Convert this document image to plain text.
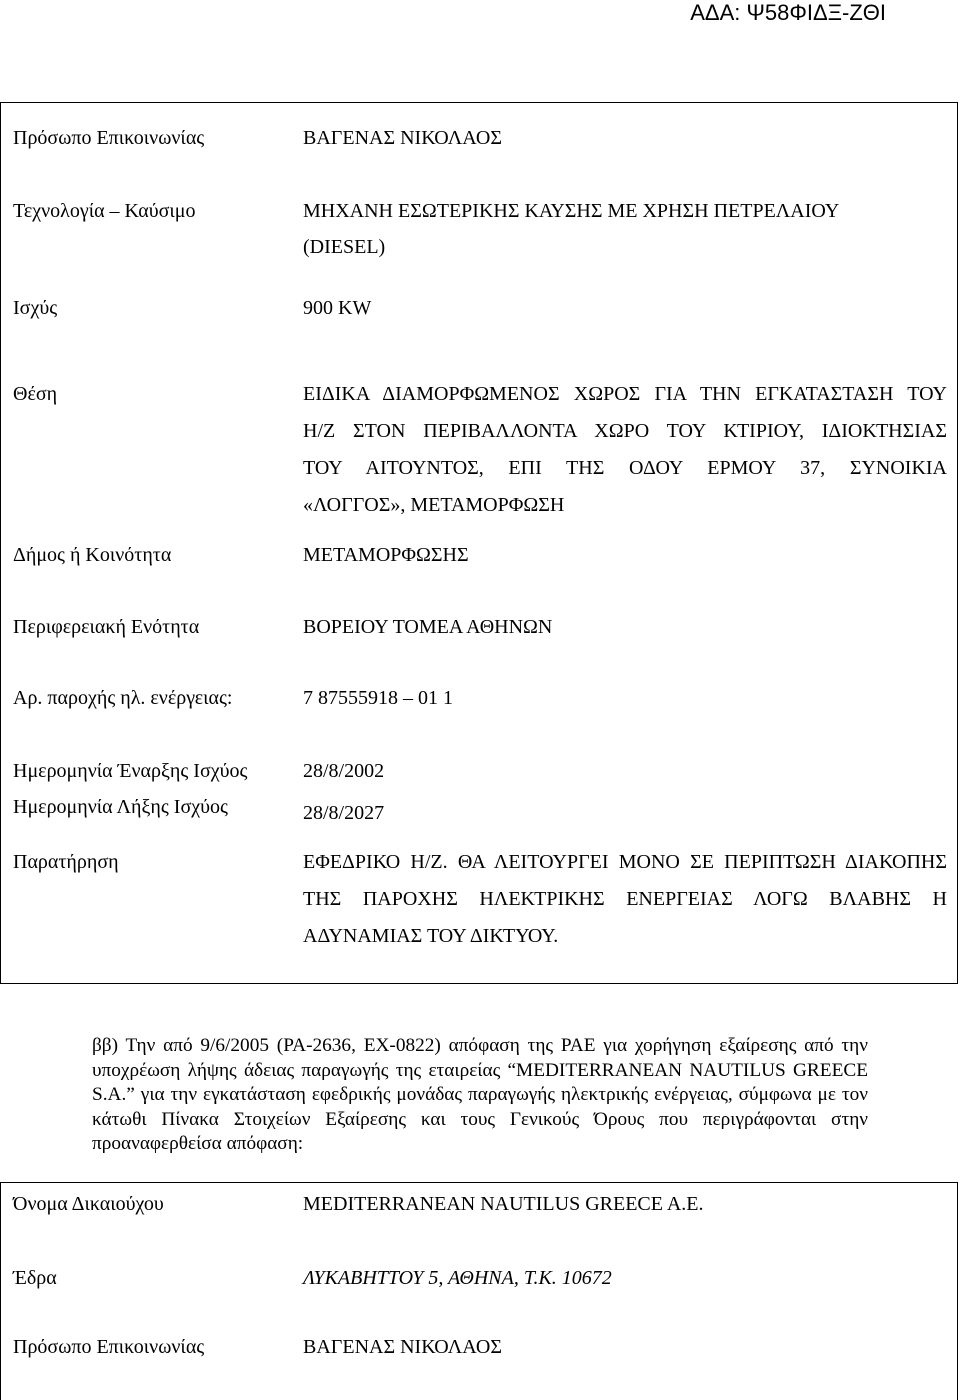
ΑΔΑ: Ψ58ΦΙΔΞ-ΖΘΙ
Πρόσωπο Επικοινωνίας	ΒΑΓΕΝΑΣ ΝΙΚΟΛΑΟΣ
Τεχνολογία – Καύσιμο	ΜΗΧΑΝΗ ΕΣΩΤΕΡΙΚΗΣ ΚΑΥΣΗΣ ΜΕ ΧΡΗΣΗ ΠΕΤΡΕΛΑΙΟΥ
(DIESEL)
Ισχύς	900 KW
Θέση	ΕΙΔΙΚΑ ΔΙΑΜΟΡΦΩΜΕΝΟΣ ΧΩΡΟΣ ΓΙΑ ΤΗΝ ΕΓΚΑΤΑΣΤΑΣΗ ΤΟΥ
Η/Ζ ΣΤΟΝ ΠΕΡΙΒΑΛΛΟΝΤΑ ΧΩΡΟ ΤΟΥ ΚΤΙΡΙΟΥ, ΙΔΙΟΚΤΗΣΙΑΣ
ΤΟΥ ΑΙΤΟΥΝΤΟΣ, ΕΠΙ ΤΗΣ ΟΔΟΥ ΕΡΜΟΥ 37, ΣΥΝΟΙΚΙΑ
«ΛΟΓΓΟΣ», ΜΕΤΑΜΟΡΦΩΣΗ
Δήμος ή Κοινότητα	ΜΕΤΑΜΟΡΦΩΣΗΣ
Περιφερειακή Ενότητα	ΒΟΡΕΙΟΥ ΤΟΜΕΑ ΑΘΗΝΩΝ
Αρ. παροχής ηλ. ενέργειας:	7 87555918 – 01 1
Ημερομηνία Έναρξης Ισχύος	28/8/2002
Ημερομηνία Λήξης Ισχύος	28/8/2027
Παρατήρηση	ΕΦΕΔΡΙΚΟ Η/Ζ. ΘΑ ΛΕΙΤΟΥΡΓΕΙ ΜΟΝΟ ΣΕ ΠΕΡΙΠΤΩΣΗ ΔΙΑΚΟΠΗΣ
ΤΗΣ ΠΑΡΟΧΗΣ ΗΛΕΚΤΡΙΚΗΣ ΕΝΕΡΓΕΙΑΣ ΛΟΓΩ ΒΛΑΒΗΣ Η
ΑΔΥΝΑΜΙΑΣ ΤΟΥ ΔΙΚΤΥΟΥ.
ββ) Την από 9/6/2005 (ΡΑ-2636, ΕΧ-0822) απόφαση της ΡΑΕ για χορήγηση εξαίρεσης από την υποχρέωση λήψης άδειας παραγωγής της εταιρείας “MEDITERRANEAN NAUTILUS GREECE S.A.” για την εγκατάσταση εφεδρικής μονάδας παραγωγής ηλεκτρικής ενέργειας, σύμφωνα με τον κάτωθι Πίνακα Στοιχείων Εξαίρεσης και τους Γενικούς Όρους που περιγράφονται στην προαναφερθείσα απόφαση:
Όνομα Δικαιούχου	MEDITERRANEAN NAUTILUS GREECE A.E.
Έδρα	ΛΥΚΑΒΗΤΤΟΥ 5, ΑΘΗΝΑ, Τ.Κ. 10672
Πρόσωπο Επικοινωνίας	ΒΑΓΕΝΑΣ ΝΙΚΟΛΑΟΣ
